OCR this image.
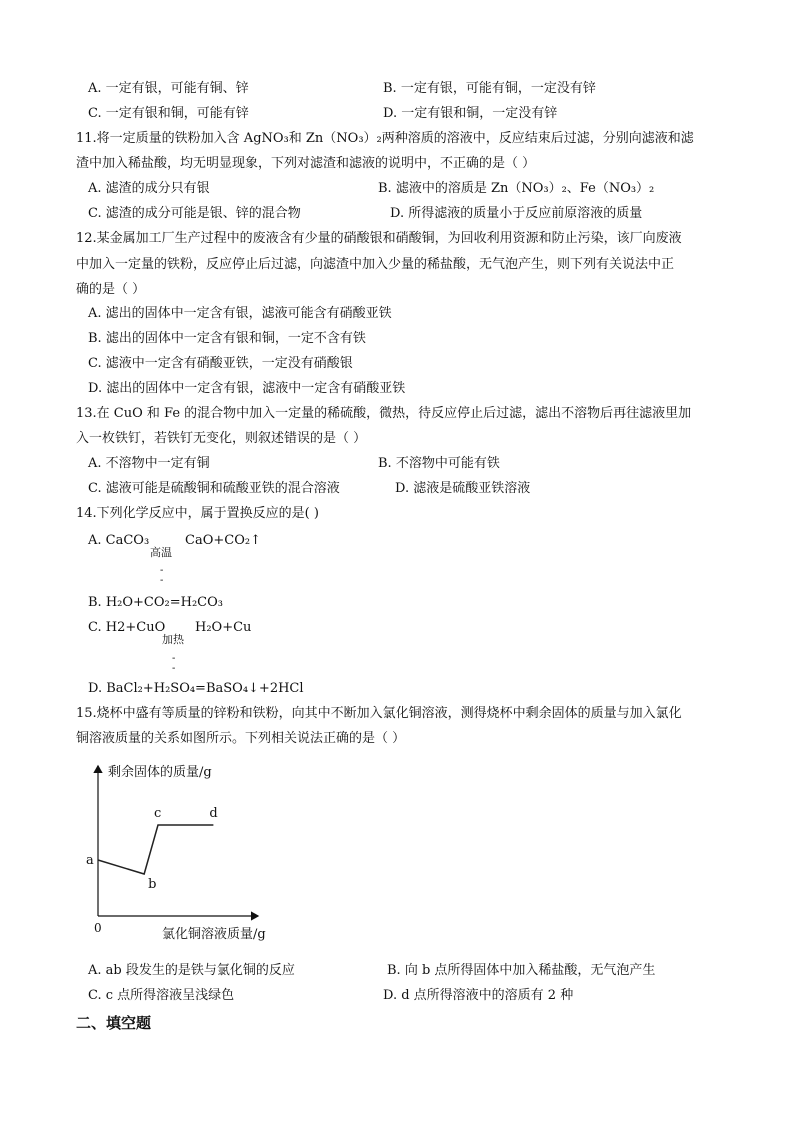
A. 一定有银，可能有铜、锌	B. 一定有银，可能有铜，一定没有锌
C. 一定有银和铜，可能有锌	D. 一定有银和铜，一定没有锌
11.将一定质量的铁粉加入含 AgNO₃和 Zn（NO₃）₂两种溶质的溶液中，反应结束后过滤，分别向滤液和滤
渣中加入稀盐酸，均无明显现象，下列对滤渣和滤液的说明中，不正确的是（ ）
A. 滤渣的成分只有银	B. 滤液中的溶质是 Zn（NO₃）₂、Fe（NO₃）₂
C. 滤渣的成分可能是银、锌的混合物	D. 所得滤液的质量小于反应前原溶液的质量
12.某金属加工厂生产过程中的废液含有少量的硝酸银和硝酸铜，为回收利用资源和防止污染，该厂向废液
中加入一定量的铁粉，反应停止后过滤，向滤渣中加入少量的稀盐酸，无气泡产生，则下列有关说法中正
确的是（ ）
A. 滤出的固体中一定含有银，滤液可能含有硝酸亚铁
B. 滤出的固体中一定含有银和铜，一定不含有铁
C. 滤液中一定含有硝酸亚铁，一定没有硝酸银
D. 滤出的固体中一定含有银，滤液中一定含有硝酸亚铁
13.在 CuO 和 Fe 的混合物中加入一定量的稀硫酸，微热，待反应停止后过滤，滤出不溶物后再往滤液里加
入一枚铁钉，若铁钉无变化，则叙述错误的是（ ）
A. 不溶物中一定有铜	B. 不溶物中可能有铁
C. 滤液可能是硫酸铜和硫酸亚铁的混合溶液	D. 滤液是硫酸亚铁溶液
14.下列化学反应中，属于置换反应的是( )
A. CaCO₃
高温
-
-
CaO+CO₂↑
B. H₂O+CO₂=H₂CO₃
C. H2+CuO
加热
-
-
H₂O+Cu
D. BaCl₂+H₂SO₄=BaSO₄↓+2HCl
15.烧杯中盛有等质量的锌粉和铁粉，向其中不断加入氯化铜溶液，测得烧杯中剩余固体的质量与加入氯化
铜溶液质量的关系如图所示。下列相关说法正确的是（ ）
剩余固体的质量/g
氯化铜溶液质量/g
0
a
b
c	d
A. ab 段发生的是铁与氯化铜的反应	B. 向 b 点所得固体中加入稀盐酸，无气泡产生
C. c 点所得溶液呈浅绿色	D. d 点所得溶液中的溶质有 2 种
二、填空题
